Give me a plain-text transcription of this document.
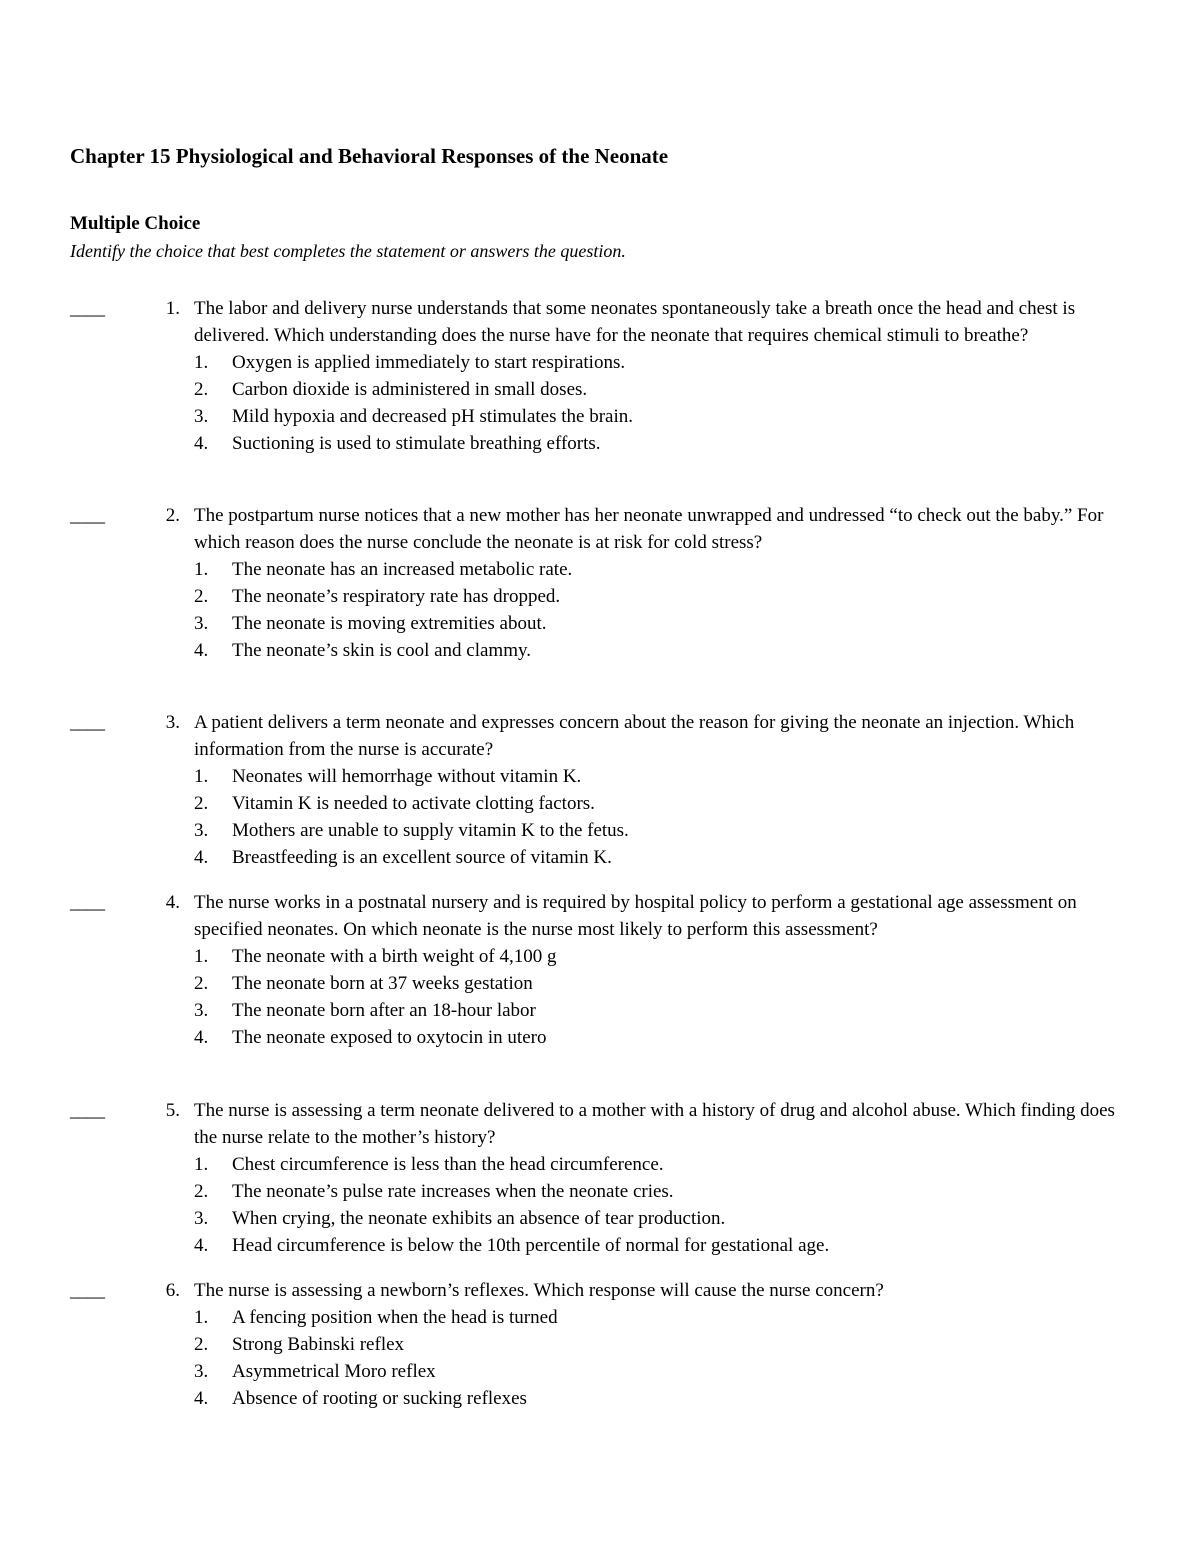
Chapter 15 Physiological and Behavioral Responses of the Neonate
Multiple Choice
Identify the choice that best completes the statement or answers the question.
____	1. The labor and delivery nurse understands that some neonates spontaneously take a breath once the head and chest is delivered. Which understanding does the nurse have for the neonate that requires chemical stimuli to breathe?

1. Oxygen is applied immediately to start respirations.
2. Carbon dioxide is administered in small doses.
3. Mild hypoxia and decreased pH stimulates the brain.
4. Suctioning is used to stimulate breathing efforts.
____	2. The postpartum nurse notices that a new mother has her neonate unwrapped and undressed “to check out the baby.” For which reason does the nurse conclude the neonate is at risk for cold stress?

1. The neonate has an increased metabolic rate.
2. The neonate’s respiratory rate has dropped.
3. The neonate is moving extremities about.
4. The neonate’s skin is cool and clammy.
____	3. A patient delivers a term neonate and expresses concern about the reason for giving the neonate an injection. Which information from the nurse is accurate?

1. Neonates will hemorrhage without vitamin K.
2. Vitamin K is needed to activate clotting factors.
3. Mothers are unable to supply vitamin K to the fetus.
4. Breastfeeding is an excellent source of vitamin K.
____	4. The nurse works in a postnatal nursery and is required by hospital policy to perform a gestational age assessment on specified neonates. On which neonate is the nurse most likely to perform this assessment?

1. The neonate with a birth weight of 4,100 g
2. The neonate born at 37 weeks gestation
3. The neonate born after an 18-hour labor
4. The neonate exposed to oxytocin in utero
____	5. The nurse is assessing a term neonate delivered to a mother with a history of drug and alcohol abuse. Which finding does the nurse relate to the mother’s history?

1. Chest circumference is less than the head circumference.
2. The neonate’s pulse rate increases when the neonate cries.
3. When crying, the neonate exhibits an absence of tear production.
4. Head circumference is below the 10th percentile of normal for gestational age.
____	6. The nurse is assessing a newborn’s reflexes. Which response will cause the nurse concern?

1. A fencing position when the head is turned
2. Strong Babinski reflex
3. Asymmetrical Moro reflex
4. Absence of rooting or sucking reflexes
